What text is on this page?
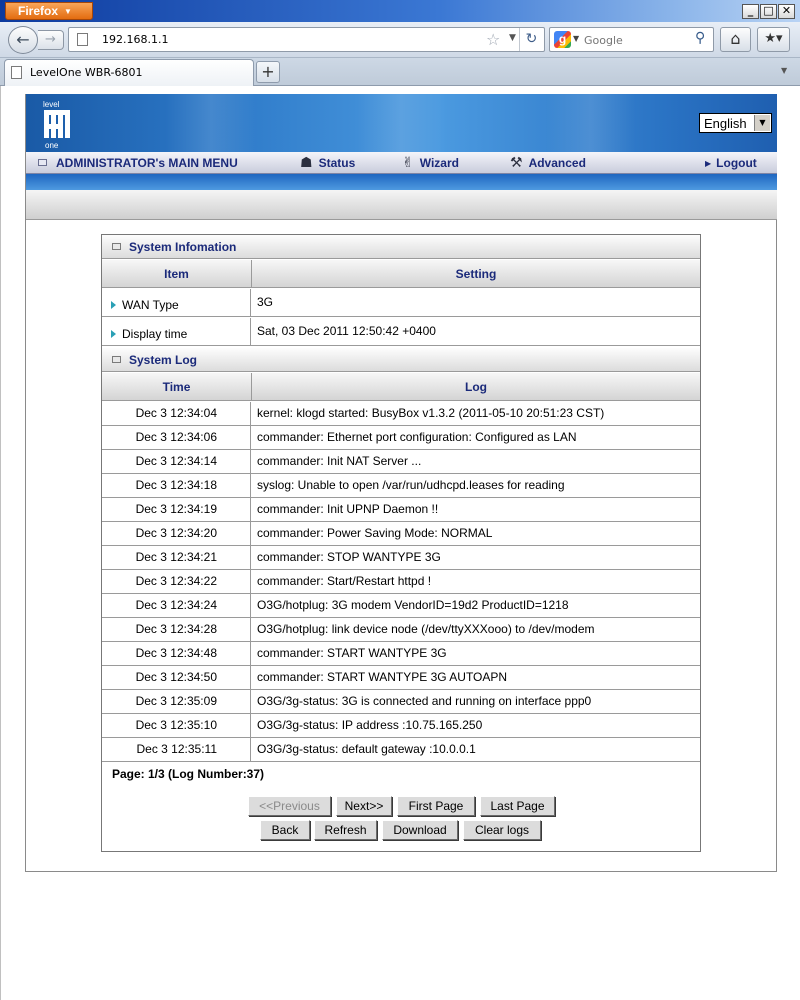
Firefox ▼	_ □ ✕
←	→	192.168.1.1	☆ ▼ ↻	g ▼
Google	⚲	⌂	★▾
LevelOne WBR-6801	+	▼
level
one
English	▼
ADMINISTRATOR's MAIN MENU	☗ Status	✌ Wizard	⚒ Advanced	▶ Logout
System Infomation
Item	Setting
WAN Type	3G
Display time	Sat, 03 Dec 2011 12:50:42 +0400
System Log
Time	Log
Dec 3 12:34:04	kernel: klogd started: BusyBox v1.3.2 (2011-05-10 20:51:23 CST)
Dec 3 12:34:06	commander: Ethernet port configuration: Configured as LAN
Dec 3 12:34:14	commander: Init NAT Server ...
Dec 3 12:34:18	syslog: Unable to open /var/run/udhcpd.leases for reading
Dec 3 12:34:19	commander: Init UPNP Daemon !!
Dec 3 12:34:20	commander: Power Saving Mode: NORMAL
Dec 3 12:34:21	commander: STOP WANTYPE 3G
Dec 3 12:34:22	commander: Start/Restart httpd !
Dec 3 12:34:24	O3G/hotplug: 3G modem VendorID=19d2 ProductID=1218
Dec 3 12:34:28	O3G/hotplug: link device node (/dev/ttyXXXooo) to /dev/modem
Dec 3 12:34:48	commander: START WANTYPE 3G
Dec 3 12:34:50	commander: START WANTYPE 3G AUTOAPN
Dec 3 12:35:09	O3G/3g-status: 3G is connected and running on interface ppp0
Dec 3 12:35:10	O3G/3g-status: IP address :10.75.165.250
Dec 3 12:35:11	O3G/3g-status: default gateway :10.0.0.1
Page: 1/3 (Log Number:37)
<<Previous	Next>>	First Page	Last Page
Back	Refresh	Download	Clear logs
